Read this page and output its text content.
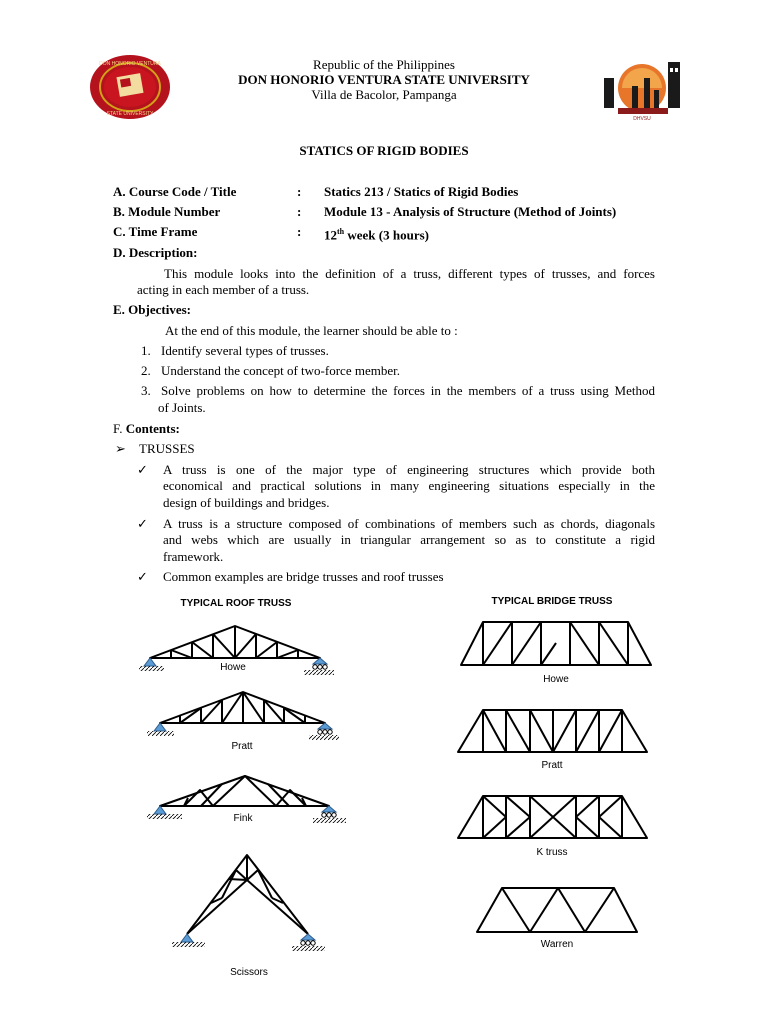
DON HONORIO VENTURA
STATE UNIVERSITY
DHVSU
Republic of the Philippines
DON HONORIO VENTURA STATE UNIVERSITY
Villa de Bacolor, Pampanga
STATICS OF RIGID BODIES
A. Course Code / Title	: Statics 213 / Statics of Rigid Bodies
B. Module Number	: Module 13 - Analysis of Structure (Method of Joints)
C. Time Frame	: 12th week (3 hours)
D. Description:
This module looks into the definition of a truss, different types of trusses, and forces
acting in each member of a truss.
E. Objectives:
At the end of this module, the learner should be able to :
1. Identify several types of trusses.
2. Understand the concept of two-force member.
3. Solve problems on how to determine the forces in the members of a truss using Method
of Joints.
F. Contents:
➢ TRUSSES
✓ A truss is one of the major type of engineering structures which provide both
economical and practical solutions in many engineering situations especially in the
design of buildings and bridges.
✓ A truss is a structure composed of combinations of members such as chords, diagonals
and webs which are usually in triangular arrangement so as to constitute a rigid
framework.
✓ Common examples are bridge trusses and roof trusses
TYPICAL ROOF TRUSS	TYPICAL BRIDGE TRUSS
Howe
Pratt
Fink
Scissors
Howe
Pratt
K truss
Warren
